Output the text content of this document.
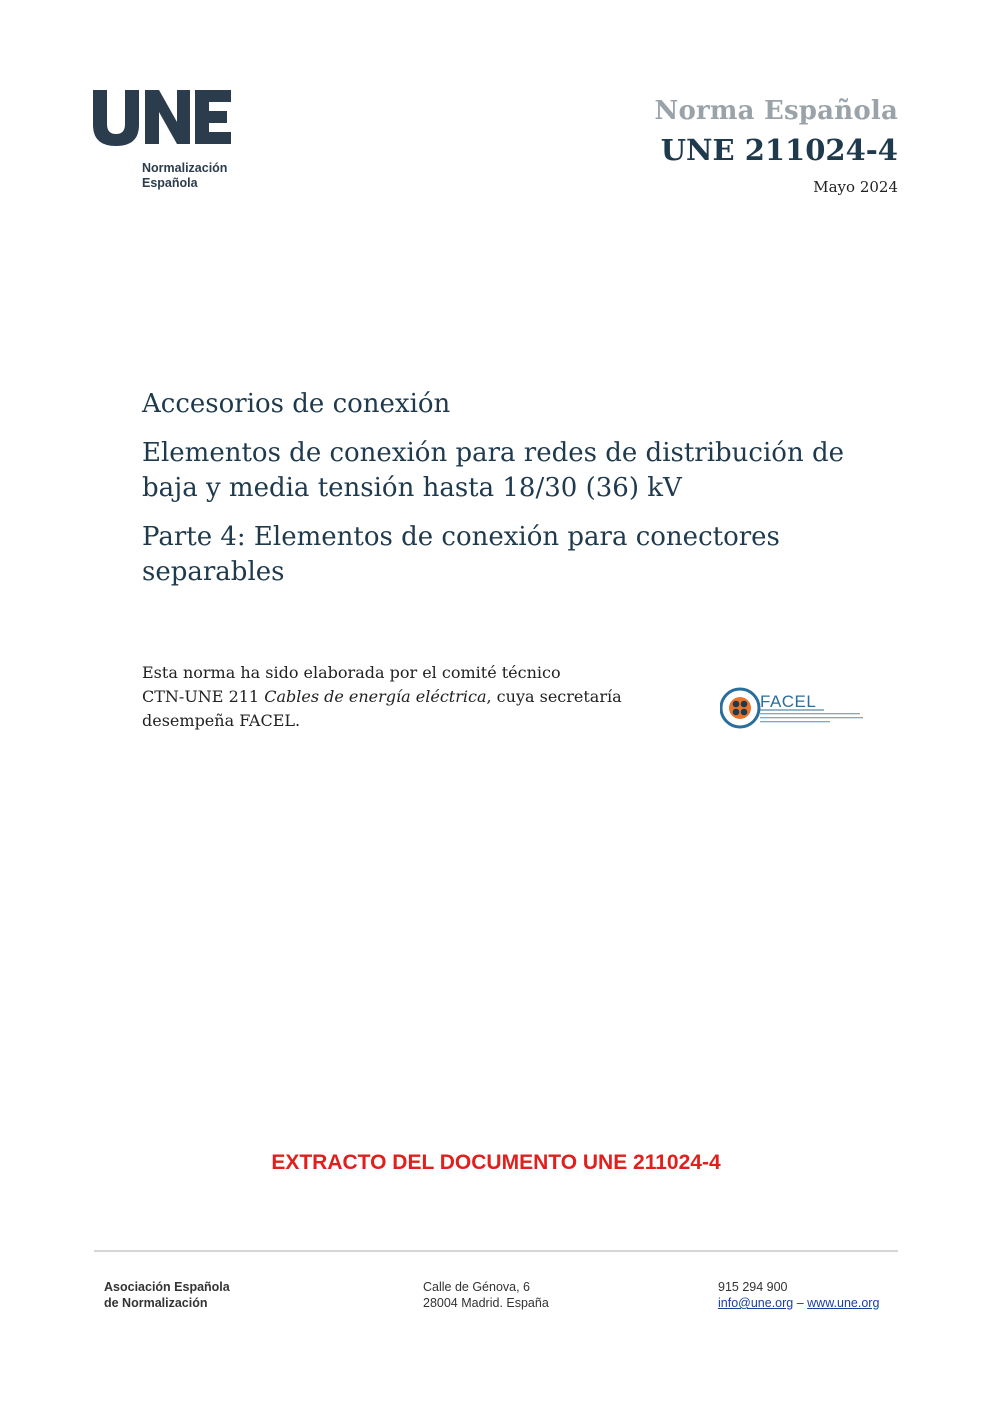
Normalización
Española
Norma Española
UNE 211024-4
Mayo 2024
Accesorios de conexión
Elementos de conexión para redes de distribución de baja y media tensión hasta 18/30 (36) kV
Parte 4: Elementos de conexión para conectores separables
Esta norma ha sido elaborada por el comité técnico
CTN-UNE 211 Cables de energía eléctrica, cuya secretaría
desempeña FACEL.
FACEL
EXTRACTO DEL DOCUMENTO UNE 211024-4
Asociación Española
de Normalización
Calle de Génova, 6
28004 Madrid. España
915 294 900
info@une.org – www.une.org
